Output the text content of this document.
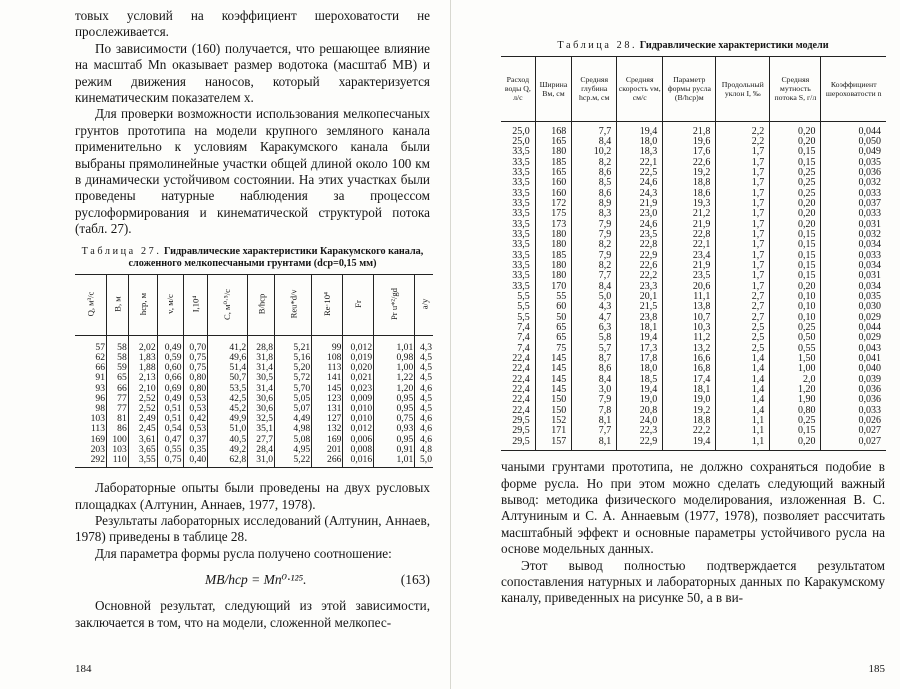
товых условий на коэффициент шероховатости не прослеживается.

По зависимости (160) получается, что решающее влияние на масштаб Mn оказывает размер водотока (масштаб MB) и режим движения наносов, который характеризуется кинематическим показателем x.

Для проверки возможности использования мелкопесчаных грунтов прототипа на модели крупного земляного канала применительно к условиям Каракумского канала были выбраны прямолинейные участки общей длиной около 100 км в динамически устойчивом состоянии. На этих участках были проведены натурные наблюдения за процессом руслоформирования и кинематической структурой потока (табл. 27).

Таблица 27. Гидравлические характеристики Каракумского канала, сложенного мелкопесчаными грунтами (dср=0,15 мм)
Q, м³/с	B, м	hср, м	v, м/с	I,10⁴	C, м⁰·⁵/с	B/hср	Reu*d/ν	Re·10⁴	Fr	Pr u*²/gd	a/y
57	58	2,02	0,49	0,70	41,2	28,8	5,21	99	0,012	1,01	4,3
62	58	1,83	0,59	0,75	49,6	31,8	5,16	108	0,019	0,98	4,5
66	59	1,88	0,60	0,75	51,4	31,4	5,20	113	0,020	1,00	4,5
91	65	2,13	0,66	0,80	50,7	30,5	5,72	141	0,021	1,22	4,5
93	66	2,10	0,69	0,80	53,5	31,4	5,70	145	0,023	1,20	4,6
96	77	2,52	0,49	0,53	42,5	30,6	5,05	123	0,009	0,95	4,5
98	77	2,52	0,51	0,53	45,2	30,6	5,07	131	0,010	0,95	4,5
103	81	2,49	0,51	0,42	49,9	32,5	4,49	127	0,010	0,75	4,6
113	86	2,45	0,54	0,53	51,0	35,1	4,98	132	0,012	0,93	4,6
169	100	3,61	0,47	0,37	40,5	27,7	5,08	169	0,006	0,95	4,6
203	103	3,65	0,55	0,35	49,2	28,4	4,95	201	0,008	0,91	4,8
292	110	3,55	0,75	0,40	62,8	31,0	5,22	266	0,016	1,01	5,0

Лабораторные опыты были проведены на двух русловых площадках (Алтунин, Аннаев, 1977, 1978).

Результаты лабораторных исследований (Алтунин, Аннаев, 1978) приведены в таблице 28.

Для параметра формы русла получено соотношение:

MB/hср = Mn⁰·¹²⁵.	(163)

Основной результат, следующий из этой зависимости, заключается в том, что на модели, сложенной мелкопес-

184
Таблица 28. Гидравлические характеристики модели
Расход воды Q, л/с	Ширина Bм, см	Средняя глубина hср.м, см	Средняя скорость vм, см/с	Параметр формы русла (B/hср)м	Продольный уклон I, ‰	Средняя мутность потока S, г/л	Коэффициент шероховатости n
25,0	168	7,7	19,4	21,8	2,2	0,20	0,044
25,0	165	8,4	18,0	19,6	2,2	0,20	0,050
33,5	180	10,2	18,3	17,6	1,7	0,15	0,049
33,5	185	8,2	22,1	22,6	1,7	0,15	0,035
33,5	165	8,6	22,5	19,2	1,7	0,25	0,036
33,5	160	8,5	24,6	18,8	1,7	0,25	0,032
33,5	160	8,6	24,3	18,6	1,7	0,25	0,033
33,5	172	8,9	21,9	19,3	1,7	0,20	0,037
33,5	175	8,3	23,0	21,2	1,7	0,20	0,033
33,5	173	7,9	24,6	21,9	1,7	0,20	0,031
33,5	180	7,9	23,5	22,8	1,7	0,15	0,032
33,5	180	8,2	22,8	22,1	1,7	0,15	0,034
33,5	185	7,9	22,9	23,4	1,7	0,15	0,033
33,5	180	8,2	22,6	21,9	1,7	0,15	0,034
33,5	180	7,7	22,2	23,5	1,7	0,15	0,031
33,5	170	8,4	23,3	20,6	1,7	0,20	0,034
5,5	55	5,0	20,1	11,1	2,7	0,10	0,035
5,5	60	4,3	21,5	13,8	2,7	0,10	0,030
5,5	50	4,7	23,8	10,7	2,7	0,10	0,029
7,4	65	6,3	18,1	10,3	2,5	0,25	0,044
7,4	65	5,8	19,4	11,2	2,5	0,50	0,029
7,4	75	5,7	17,3	13,2	2,5	0,55	0,043
22,4	145	8,7	17,8	16,6	1,4	1,50	0,041
22,4	145	8,6	18,0	16,8	1,4	1,00	0,040
22,4	145	8,4	18,5	17,4	1,4	2,0	0,039
22,4	145	3,0	19,4	18,1	1,4	1,20	0,036
22,4	150	7,9	19,0	19,0	1,4	1,90	0,036
22,4	150	7,8	20,8	19,2	1,4	0,80	0,033
29,5	152	8,1	24,0	18,8	1,1	0,25	0,026
29,5	171	7,7	22,3	22,2	1,1	0,15	0,027
29,5	157	8,1	22,9	19,4	1,1	0,20	0,027

чаными грунтами прототипа, не должно сохраняться подобие в форме русла. Но при этом можно сделать следующий важный вывод: методика физического моделирования, изложенная В. С. Алтуниным и С. А. Аннаевым (1977, 1978), позволяет рассчитать масштабный эффект и основные параметры устойчивого русла на основе модельных данных.

Этот вывод полностью подтверждается результатом сопоставления натурных и лабораторных данных по Каракумскому каналу, приведенных на рисунке 50, а в ви-

185
